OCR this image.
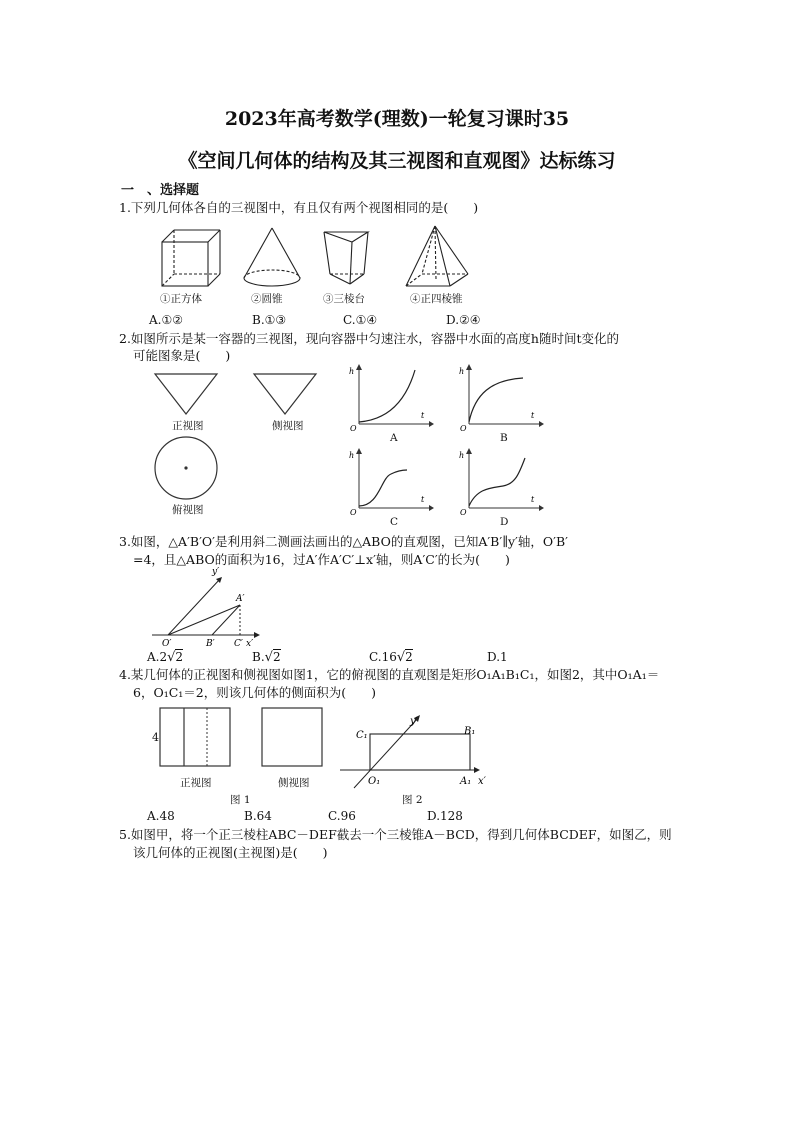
2023年高考数学(理数)一轮复习课时35
《空间几何体的结构及其三视图和直观图》达标练习
一　、选择题
1.下列几何体各自的三视图中，有且仅有两个视图相同的是(　　)
①正方体	②圆锥	③三棱台	④正四棱锥
A.①②	B.①③	C.①④	D.②④
2.如图所示是某一容器的三视图，现向容器中匀速注水，容器中水面的高度h随时间t变化的
可能图象是(　　)
正视图	侧视图
俯视图
h
t
O
A
h
t
O
B
h
t
O
C
h
t
O
D
3.如图，△A′B′O′是利用斜二测画法画出的△ABO的直观图，已知A′B′∥y′轴，O′B′
=4，且△ABO的面积为16，过A′作A′C′⊥x′轴，则A′C′的长为(　　)
y′
A′
O′	B′ C′ x′
A.2√2	B.√2	C.16√2	D.1
4.某几何体的正视图和侧视图如图1，它的俯视图的直观图是矩形O₁A₁B₁C₁，如图2，其中O₁A₁＝
6，O₁C₁＝2，则该几何体的侧面积为(　　)
4
正视图	侧视图
图 1
y′
C₁	B₁
O₁	A₁ x′
图 2
A.48	B.64	C.96	D.128
5.如图甲，将一个正三棱柱ABC－DEF截去一个三棱锥A－BCD，得到几何体BCDEF，如图乙，则
该几何体的正视图(主视图)是(　　)
